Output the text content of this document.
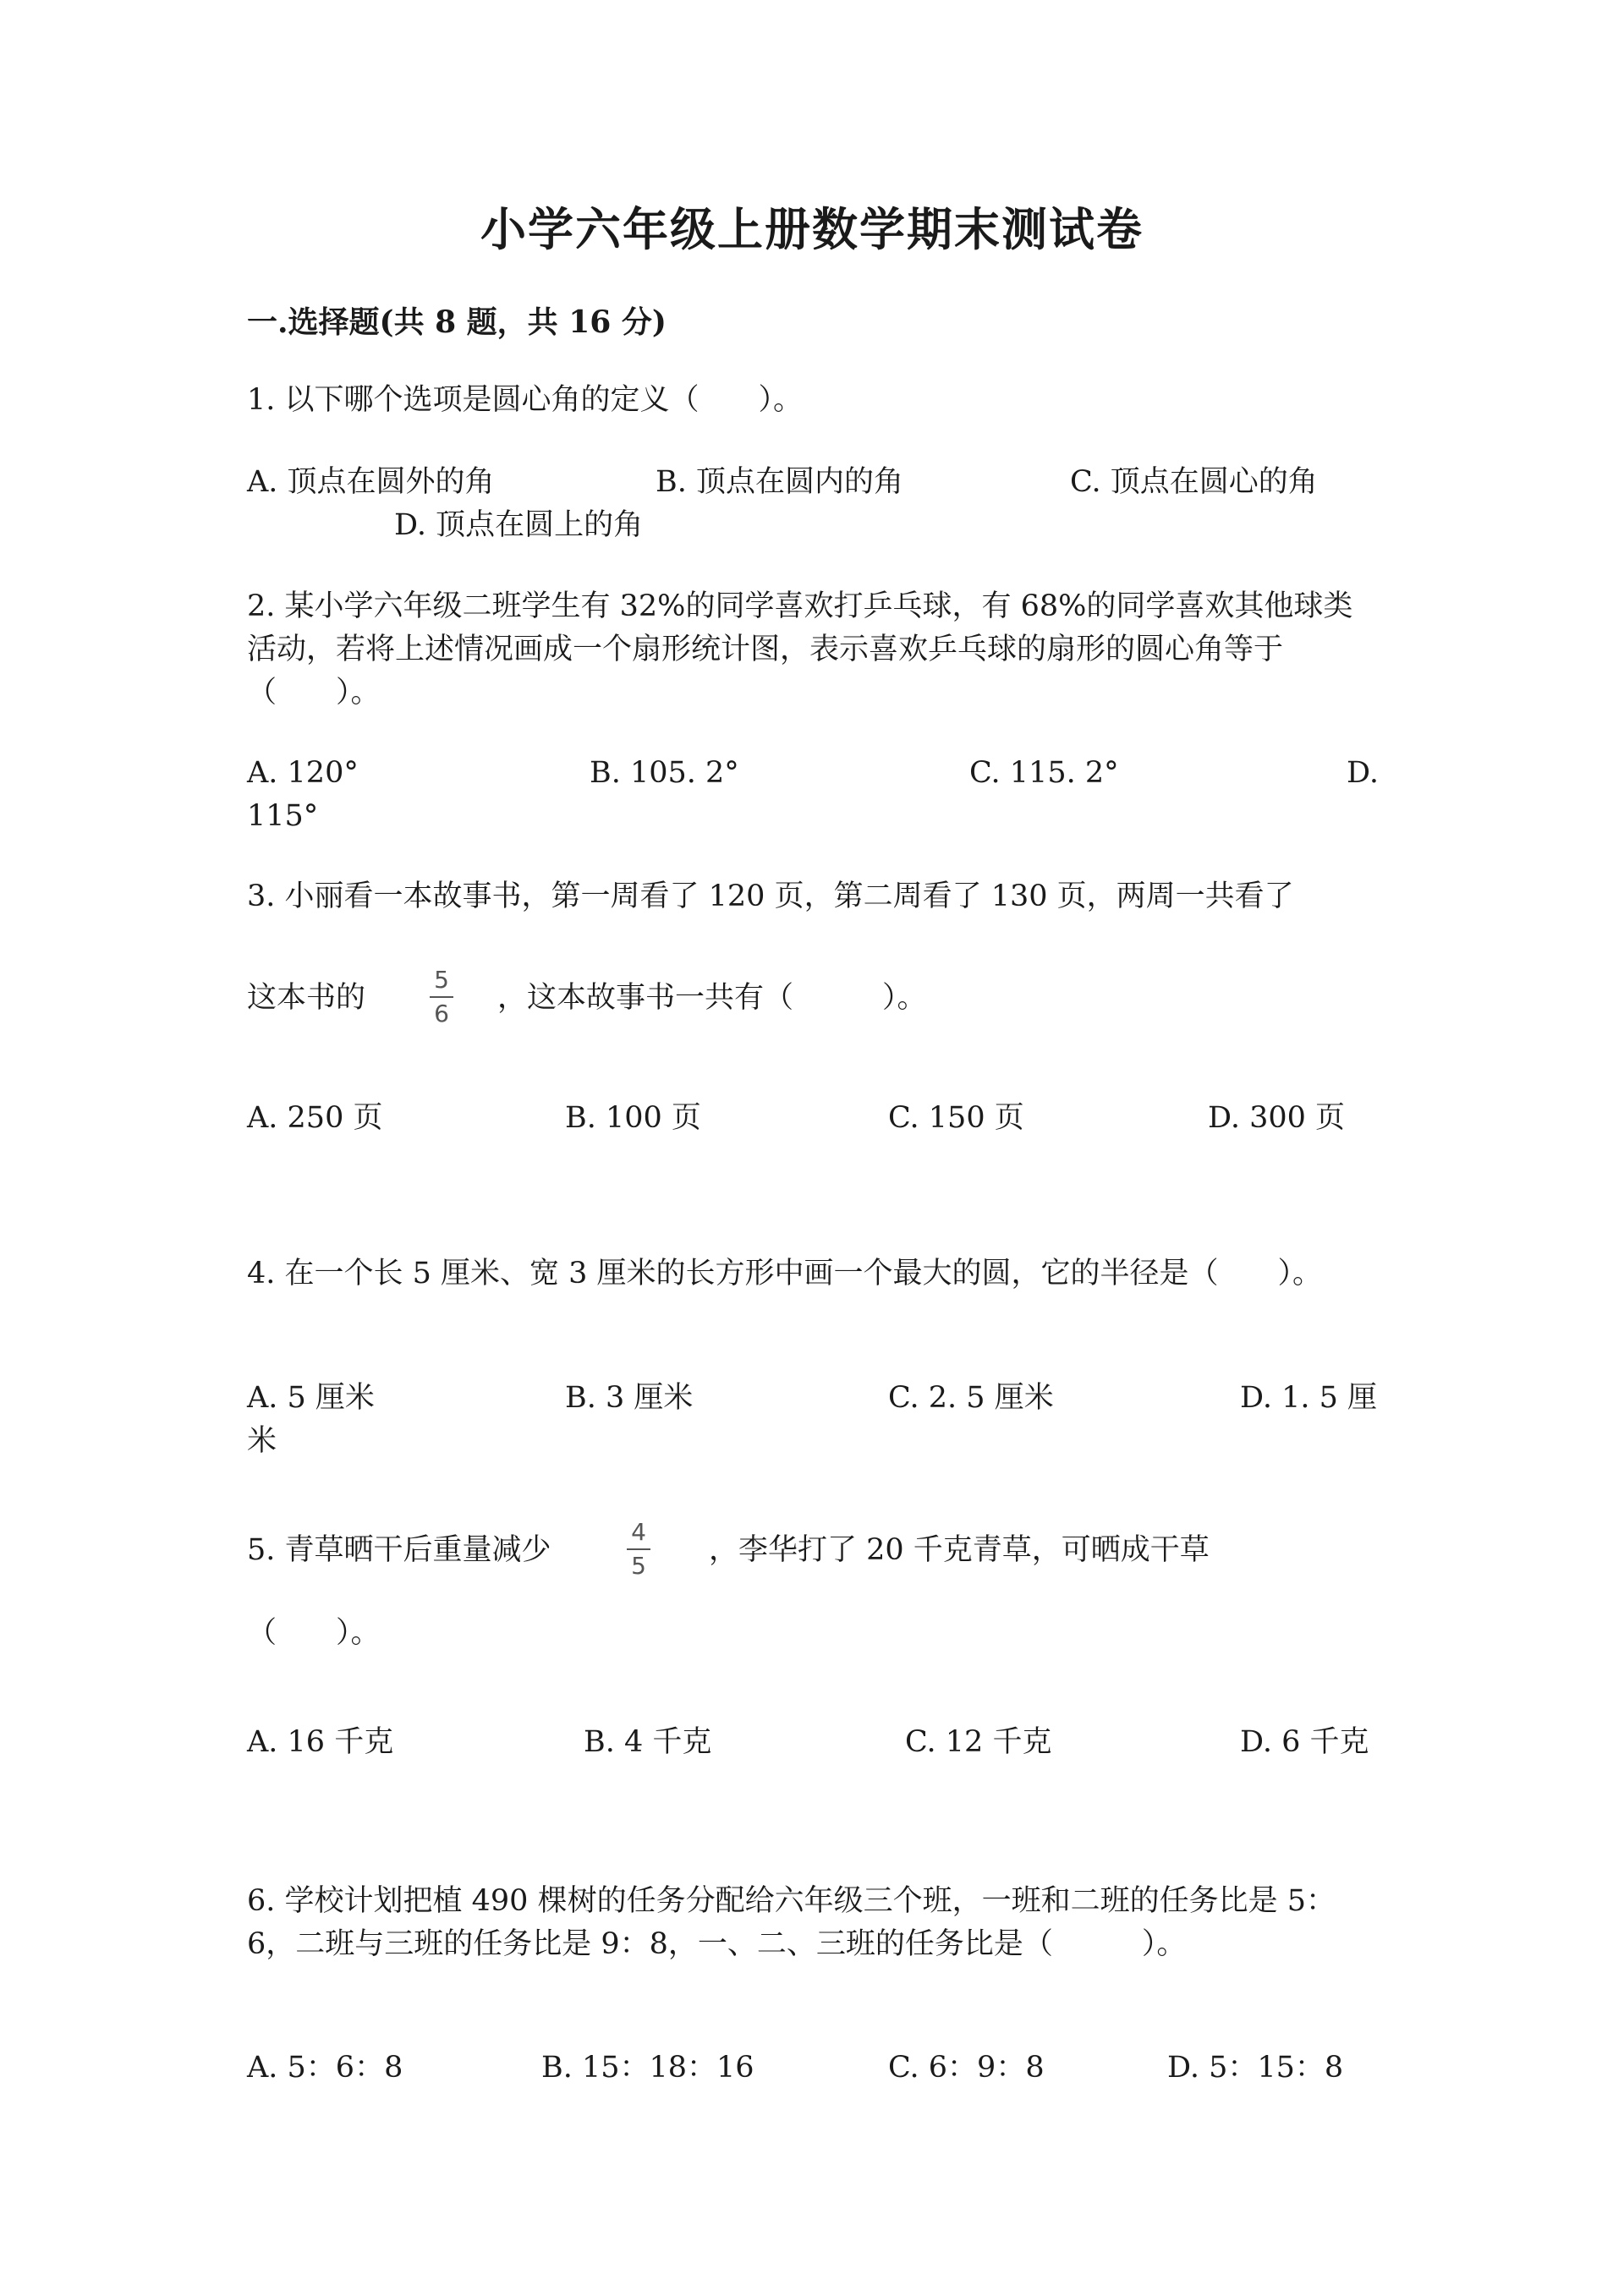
小学六年级上册数学期末测试卷
一.选择题(共 8 题，共 16 分)
1. 以下哪个选项是圆心角的定义（　　）。
A. 顶点在圆外的角	B. 顶点在圆内的角	C. 顶点在圆心的角
D. 顶点在圆上的角
2. 某小学六年级二班学生有 32%的同学喜欢打乒乓球，有 68%的同学喜欢其他球类活动，若将上述情况画成一个扇形统计图，表示喜欢乒乓球的扇形的圆心角等于（　　）。
A. 120°	B. 105. 2°	C. 115. 2°	D.
115°
3. 小丽看一本故事书，第一周看了 120 页，第二周看了 130 页，两周一共看了
这本书的
5
6	，这本故事书一共有（　　　）。
A. 250 页	B. 100 页	C. 150 页	D. 300 页
4. 在一个长 5 厘米、宽 3 厘米的长方形中画一个最大的圆，它的半径是（　　）。
A. 5 厘米	B. 3 厘米	C. 2. 5 厘米	D. 1. 5 厘
米
5. 青草晒干后重量减少
4
5	，李华打了 20 千克青草，可晒成干草
（　　）。
A. 16 千克	B. 4 千克	C. 12 千克	D. 6 千克
6. 学校计划把植 490 棵树的任务分配给六年级三个班，一班和二班的任务比是 5：6，二班与三班的任务比是 9：8，一、二、三班的任务比是（　　　）。
A. 5：6：8	B. 15：18：16	C. 6：9：8	D. 5：15：8
